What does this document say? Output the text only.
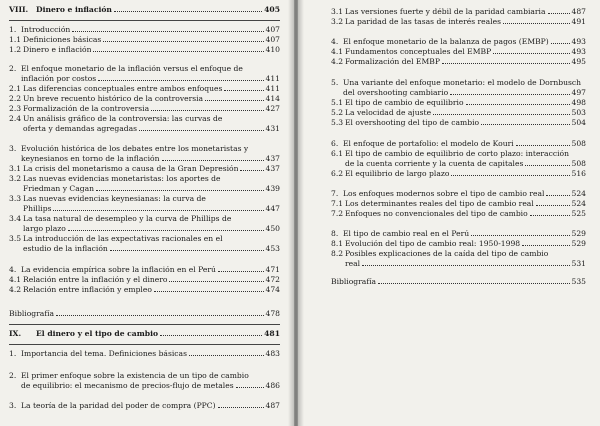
VIII.	Dinero e inflación	405
1. Introducción	407
1.1 Definiciones básicas	407
1.2 Dinero e inflación	410
2. El enfoque monetario de la inflación versus el enfoque de
inflación por costos	411
2.1 Las diferencias conceptuales entre ambos enfoques	411
2.2 Un breve recuento histórico de la controversia	414
2.3 Formalización de la controversia	427
2.4 Un análisis gráfico de la controversia: las curvas de
oferta y demandas agregadas	431
3. Evolución histórica de los debates entre los monetaristas y
keynesianos en torno de la inflación	437
3.1 La crisis del monetarismo a causa de la Gran Depresión	437
3.2 Las nuevas evidencias monetaristas: los aportes de
Friedman y Cagan	439
3.3 Las nuevas evidencias keynesianas: la curva de
Phillips	447
3.4 La tasa natural de desempleo y la curva de Phillips de
largo plazo	450
3.5 La introducción de las expectativas racionales en el
estudio de la inflación	453
4. La evidencia empírica sobre la inflación en el Perú	471
4.1 Relación entre la inflación y el dinero	472
4.2 Relación entre inflación y empleo	474
Bibliografía	478
IX.	El dinero y el tipo de cambio	481
1. Importancia del tema. Definiciones básicas	483
2. El primer enfoque sobre la existencia de un tipo de cambio
de equilibrio: el mecanismo de precios-flujo de metales	486
3. La teoría de la paridad del poder de compra (PPC)	487
3.1 Las versiones fuerte y débil de la paridad cambiaria	487
3.2 La paridad de las tasas de interés reales	491
4. El enfoque monetario de la balanza de pagos (EMBP)	493
4.1 Fundamentos conceptuales del EMBP	493
4.2 Formalización del EMBP	495
5. Una variante del enfoque monetario: el modelo de Dornbusch
del overshooting cambiario	497
5.1 El tipo de cambio de equilibrio	498
5.2 La velocidad de ajuste	503
5.3 El overshooting del tipo de cambio	504
6. El enfoque de portafolio: el modelo de Kouri	508
6.1 El tipo de cambio de equilibrio de corto plazo: interacción
de la cuenta corriente y la cuenta de capitales	508
6.2 El equilibrio de largo plazo	516
7. Los enfoques modernos sobre el tipo de cambio real	524
7.1 Los determinantes reales del tipo de cambio real	524
7.2 Enfoques no convencionales del tipo de cambio	525
8. El tipo de cambio real en el Perú	529
8.1 Evolución del tipo de cambio real: 1950-1998	529
8.2 Posibles explicaciones de la caída del tipo de cambio
real	531
Bibliografía	535
